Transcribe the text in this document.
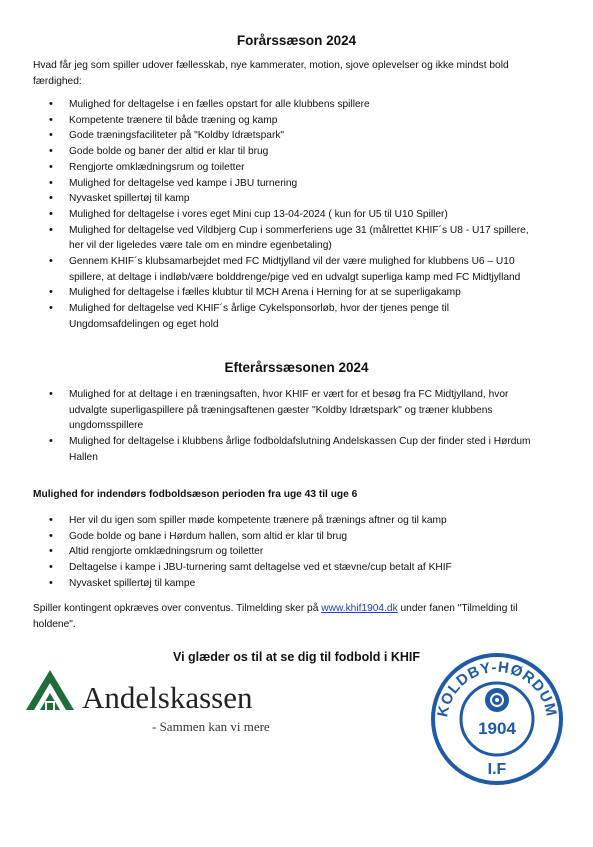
Forårssæson 2024

Hvad får jeg som spiller udover fællesskab, nye kammerater, motion, sjove oplevelser og ikke mindst bold færdighed:

• Mulighed for deltagelse i en fælles opstart for alle klubbens spillere
• Kompetente trænere til både træning og kamp
• Gode træningsfaciliteter på "Koldby Idrætspark"
• Gode bolde og baner der altid er klar til brug
• Rengjorte omklædningsrum og toiletter
• Mulighed for deltagelse ved kampe i JBU turnering
• Nyvasket spillertøj til kamp
• Mulighed for deltagelse i vores eget Mini cup 13-04-2024 ( kun for U5 til U10 Spiller)
• Mulighed for deltagelse ved Vildbjerg Cup i sommerferiens uge 31 (målrettet KHIF´s U8 - U17 spillere, her vil der ligeledes være tale om en mindre egenbetaling)
• Gennem KHIF´s klubsamarbejdet med FC Midtjylland vil der være mulighed for klubbens U6 – U10 spillere, at deltage i indløb/være bolddrenge/pige ved en udvalgt superliga kamp med FC Midtjylland
• Mulighed for deltagelse i fælles klubtur til MCH Arena i Herning for at se superligakamp
• Mulighed for deltagelse ved KHIF´s årlige Cykelsponsorløb, hvor der tjenes penge til Ungdomsafdelingen og eget hold
Efterårssæsonen 2024
• Mulighed for at deltage i en træningsaften, hvor KHIF er vært for et besøg fra FC Midtjylland, hvor udvalgte superligaspillere på træningsaftenen gæster "Koldby Idrætspark" og træner klubbens ungdomsspillere
• Mulighed for deltagelse i klubbens årlige fodboldafslutning Andelskassen Cup der finder sted i Hørdum Hallen
Mulighed for indendørs fodboldsæson perioden fra uge 43 til uge 6
• Her vil du igen som spiller møde kompetente trænere på trænings aftner og til kamp
• Gode bolde og bane i Hørdum hallen, som altid er klar til brug
• Altid rengjorte omklædningsrum og toiletter
• Deltagelse i kampe i JBU-turnering samt deltagelse ved et stævne/cup betalt af KHIF
• Nyvasket spillertøj til kampe

Spiller kontingent opkræves over conventus. Tilmelding sker på www.khif1904.dk under fanen "Tilmelding til holdene".

Vi glæder os til at se dig til fodbold i KHIF
Andelskassen
- Sammen kan vi mere
KOLDBY-HØRDUM
1904
I.F
